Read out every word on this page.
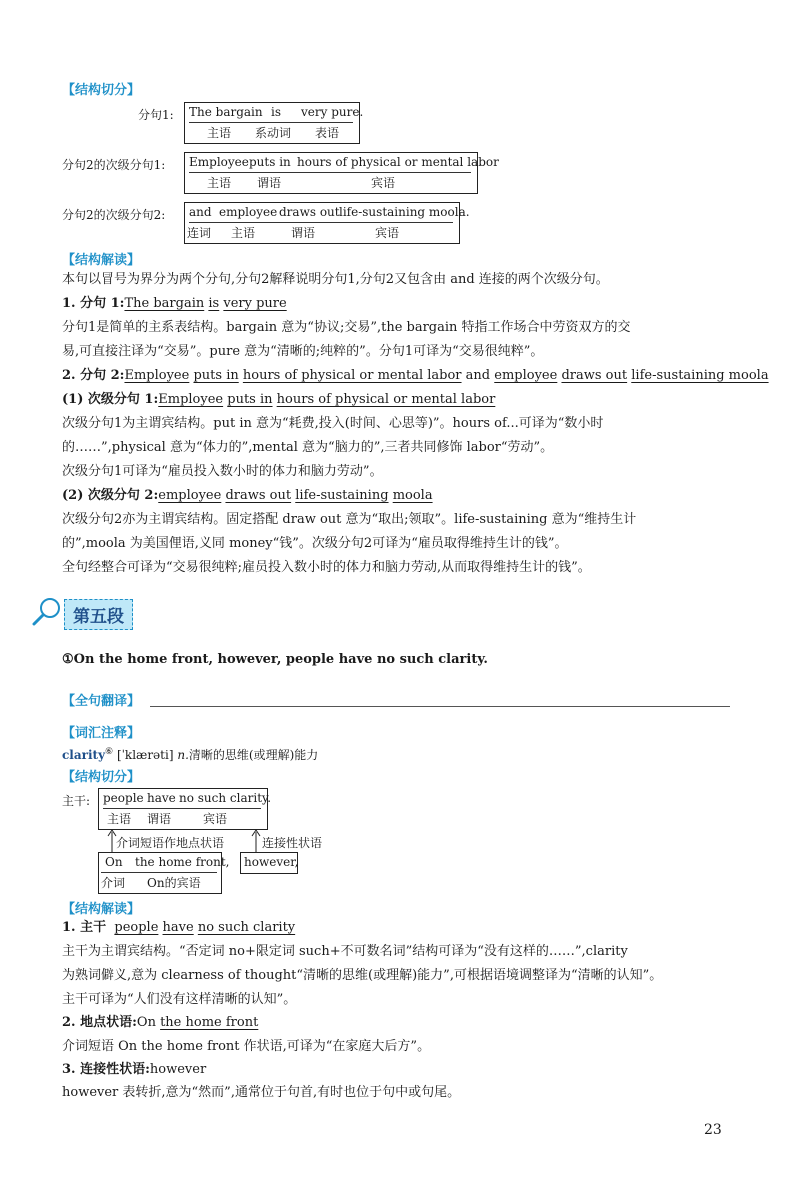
【结构切分】
分句1: The bargain is very pure.
主语 系动词 表语
分句2的次级分句1: Employee puts in hours of physical or mental labor
主语 谓语	宾语
分句2的次级分句2: and employee draws out life-sustaining moola.
连词 主语	谓语	宾语
【结构解读】
本句以冒号为界分为两个分句,分句2解释说明分句1,分句2又包含由 and 连接的两个次级分句。
1. 分句 1:The bargain is very pure
分句1是简单的主系表结构。bargain 意为“协议;交易”,the bargain 特指工作场合中劳资双方的交
易,可直接注译为“交易”。pure 意为“清晰的;纯粹的”。分句1可译为“交易很纯粹”。
2. 分句 2:Employee puts in hours of physical or mental labor and employee draws out life-sustaining moola
(1) 次级分句 1:Employee puts in hours of physical or mental labor
次级分句1为主谓宾结构。put in 意为“耗费,投入(时间、心思等)”。hours of...可译为“数小时
的……”,physical 意为“体力的”,mental 意为“脑力的”,三者共同修饰 labor“劳动”。
次级分句1可译为“雇员投入数小时的体力和脑力劳动”。
(2) 次级分句 2:employee draws out life-sustaining moola
次级分句2亦为主谓宾结构。固定搭配 draw out 意为“取出;领取”。life-sustaining 意为“维持生计
的”,moola 为美国俚语,义同 money“钱”。次级分句2可译为“雇员取得维持生计的钱”。
全句经整合可译为“交易很纯粹;雇员投入数小时的体力和脑力劳动,从而取得维持生计的钱”。
第五段
①On the home front, however, people have no such clarity.
【全句翻译】
【词汇注释】
clarity⑥ [ˈklærəti] n.清晰的思维(或理解)能力
【结构切分】
主干: people have no such clarity.
主语 谓语	宾语
介词短语作地点状语	连接性状语
On the home front,
介词 On的宾语
however,
【结构解读】
1. 主干 people have no such clarity
主干为主谓宾结构。“否定词 no+限定词 such+不可数名词”结构可译为“没有这样的……”,clarity
为熟词僻义,意为 clearness of thought“清晰的思维(或理解)能力”,可根据语境调整译为“清晰的认知”。
主干可译为“人们没有这样清晰的认知”。
2. 地点状语:On the home front
介词短语 On the home front 作状语,可译为“在家庭大后方”。
3. 连接性状语:however
however 表转折,意为“然而”,通常位于句首,有时也位于句中或句尾。
23
